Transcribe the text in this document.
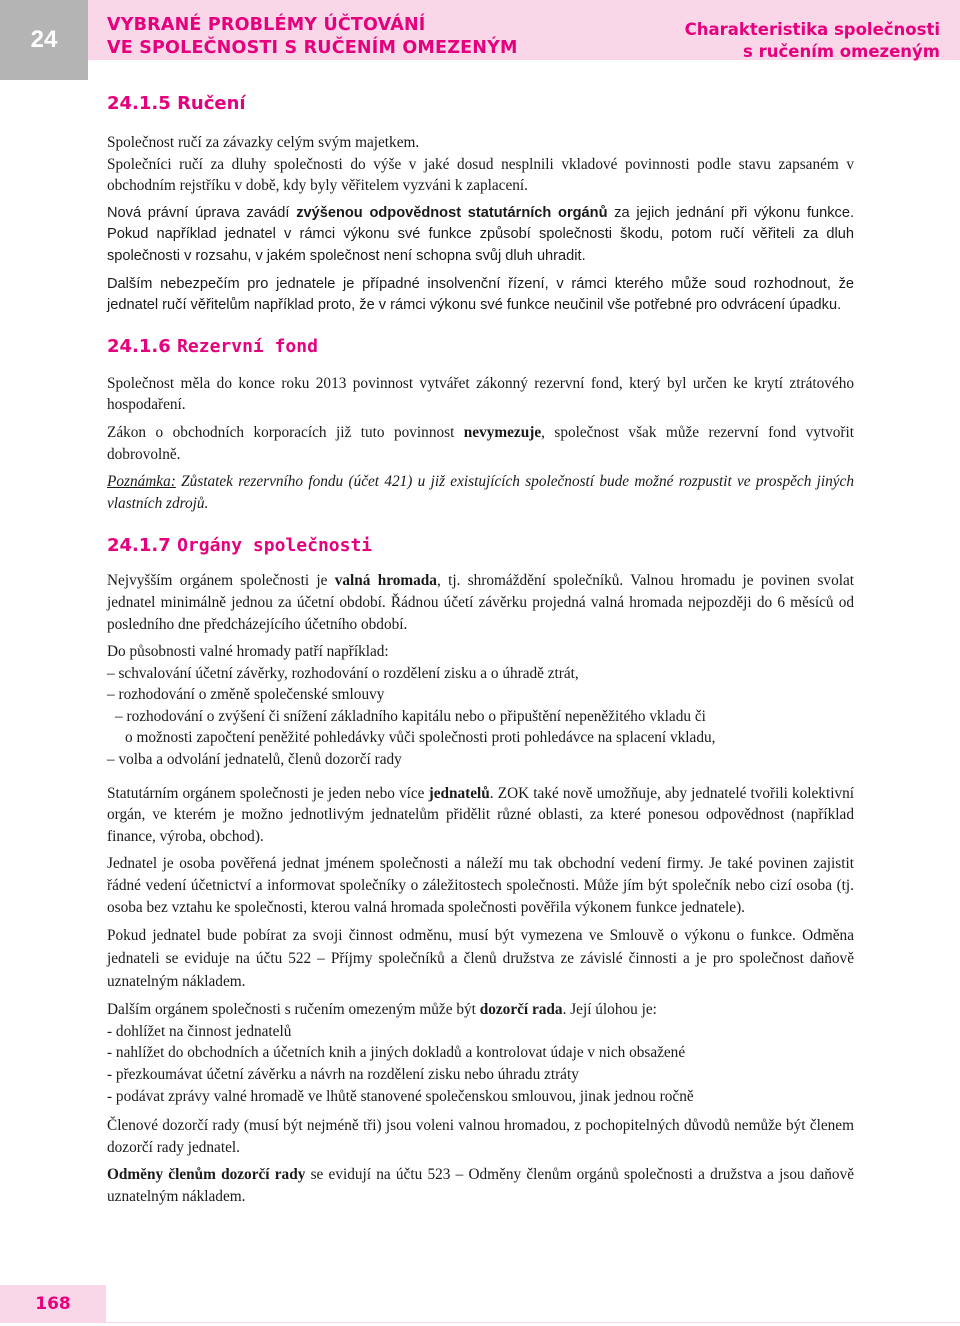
24
VYBRANÉ PROBLÉMY ÚČTOVÁNÍ
VE SPOLEČNOSTI S RUČENÍM OMEZENÝM
Charakteristika společnosti
s ručením omezeným
24.1.5 Ručení

Společnost ručí za závazky celým svým majetkem.

Společníci ručí za dluhy společnosti do výše v jaké dosud nesplnili vkladové povinnosti podle stavu zapsaném v obchodním rejstříku v době, kdy byly věřitelem vyzváni k zaplacení.

Nová právní úprava zavádí zvýšenou odpovědnost statutárních orgánů za jejich jednání při výkonu funkce. Pokud například jednatel v rámci výkonu své funkce způsobí společnosti škodu, potom ručí věřiteli za dluh společnosti v rozsahu, v jakém společnost není schopna svůj dluh uhradit.

Dalším nebezpečím pro jednatele je případné insolvenční řízení, v rámci kterého může soud rozhodnout, že jednatel ručí věřitelům například proto, že v rámci výkonu své funkce neučinil vše potřebné pro odvrácení úpadku.

24.1.6 Rezervní fond

Společnost měla do konce roku 2013 povinnost vytvářet zákonný rezervní fond, který byl určen ke krytí ztrátového hospodaření.

Zákon o obchodních korporacích již tuto povinnost nevymezuje, společnost však může rezervní fond vytvořit dobrovolně.

Poznámka: Zůstatek rezervního fondu (účet 421) u již existujících společností bude možné rozpustit ve prospěch jiných vlastních zdrojů.

24.1.7 Orgány společnosti

Nejvyšším orgánem společnosti je valná hromada, tj. shromáždění společníků. Valnou hromadu je povinen svolat jednatel minimálně jednou za účetní období. Řádnou účetí závěrku projedná valná hromada nejpozději do 6 měsíců od posledního dne předcházejícího účetního období.

Do působnosti valné hromady patří například:

– schvalování účetní závěrky, rozhodování o rozdělení zisku a o úhradě ztrát,
– rozhodování o změně společenské smlouvy
– rozhodování o zvýšení či snížení základního kapitálu nebo o připuštění nepeněžitého vkladu či
o možnosti započtení peněžité pohledávky vůči společnosti proti pohledávce na splacení vkladu,
– volba a odvolání jednatelů, členů dozorčí rady

Statutárním orgánem společnosti je jeden nebo více jednatelů. ZOK také nově umožňuje, aby jednatelé tvořili kolektivní orgán, ve kterém je možno jednotlivým jednatelům přidělit různé oblasti, za které ponesou odpovědnost (například finance, výroba, obchod).

Jednatel je osoba pověřená jednat jménem společnosti a náleží mu tak obchodní vedení firmy. Je také povinen zajistit řádné vedení účetnictví a informovat společníky o záležitostech společnosti. Může jím být společník nebo cizí osoba (tj. osoba bez vztahu ke společnosti, kterou valná hromada společnosti pověřila výkonem funkce jednatele).

Pokud jednatel bude pobírat za svoji činnost odměnu, musí být vymezena ve Smlouvě o výkonu o funkce. Odměna jednateli se eviduje na účtu 522 – Příjmy společníků a členů družstva ze závislé činnosti a je pro společnost daňově uznatelným nákladem.

Dalším orgánem společnosti s ručením omezeným může být dozorčí rada. Její úlohou je:

- dohlížet na činnost jednatelů
- nahlížet do obchodních a účetních knih a jiných dokladů a kontrolovat údaje v nich obsažené
- přezkoumávat účetní závěrku a návrh na rozdělení zisku nebo úhradu ztráty
- podávat zprávy valné hromadě ve lhůtě stanovené společenskou smlouvou, jinak jednou ročně

Členové dozorčí rady (musí být nejméně tři) jsou voleni valnou hromadou, z pochopitelných důvodů nemůže být členem dozorčí rady jednatel.

Odměny členům dozorčí rady se evidují na účtu 523 – Odměny členům orgánů společnosti a družstva a jsou daňově uznatelným nákladem.

168
